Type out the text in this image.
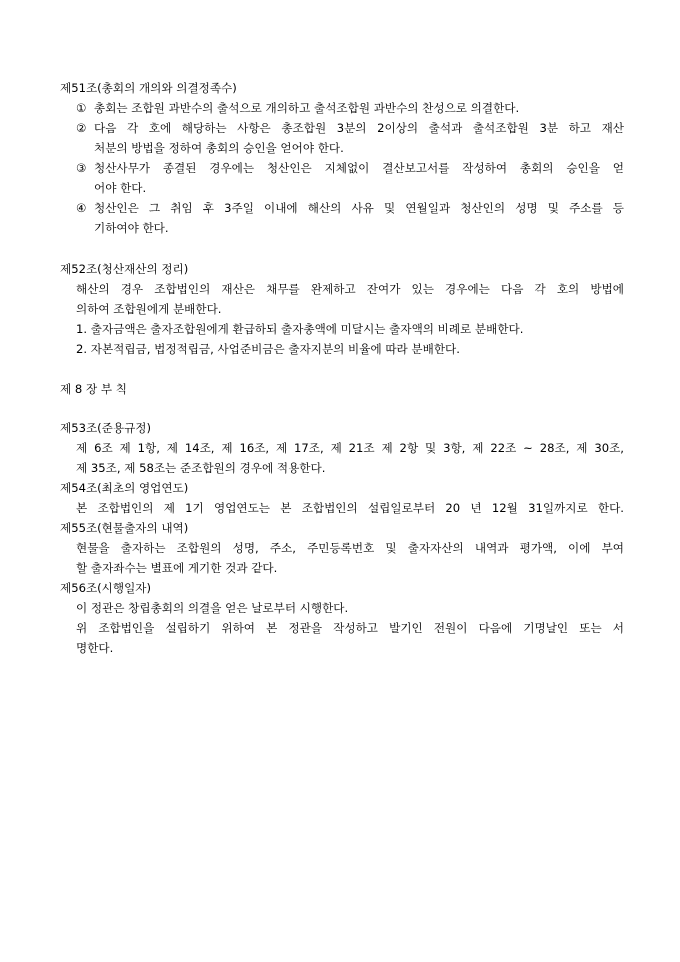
제51조(총회의 개의와 의결정족수)
① 총회는 조합원 과반수의 출석으로 개의하고 출석조합원 과반수의 찬성으로 의결한다.
② 다음 각 호에 해당하는 사항은 총조합원 3분의 2이상의 출석과 출석조합원 3분 하고 재산
처분의 방법을 정하여 총회의 승인을 얻어야 한다.
③ 청산사무가 종결된 경우에는 청산인은 지체없이 결산보고서를 작성하여 총회의 승인을 얻
어야 한다.
④ 청산인은 그 취임 후 3주일 이내에 해산의 사유 및 연월일과 청산인의 성명 및 주소를 등
기하여야 한다.
제52조(청산재산의 정리)
해산의 경우 조합법인의 재산은 채무를 완제하고 잔여가 있는 경우에는 다음 각 호의 방법에
의하여 조합원에게 분배한다.
1. 출자금액은 출자조합원에게 환급하되 출자총액에 미달시는 출자액의 비례로 분배한다.
2. 자본적립금, 법정적립금, 사업준비금은 출자지분의 비율에 따라 분배한다.
제 8 장 부 칙
제53조(준용규정)
제 6조 제 1항, 제 14조, 제 16조, 제 17조, 제 21조 제 2항 및 3항, 제 22조 ~ 28조, 제 30조,
제 35조, 제 58조는 준조합원의 경우에 적용한다.
제54조(최초의 영업연도)
본 조합법인의 제 1기 영업연도는 본 조합법인의 설립일로부터 20 년 12월 31일까지로 한다.
제55조(현물출자의 내역)
현물을 출자하는 조합원의 성명, 주소, 주민등록번호 및 출자자산의 내역과 평가액, 이에 부여
할 출자좌수는 별표에 게기한 것과 같다.
제56조(시행일자)
이 정관은 창립총회의 의결을 얻은 날로부터 시행한다.
위 조합법인을 설립하기 위하여 본 정관을 작성하고 발기인 전원이 다음에 기명날인 또는 서
명한다.
